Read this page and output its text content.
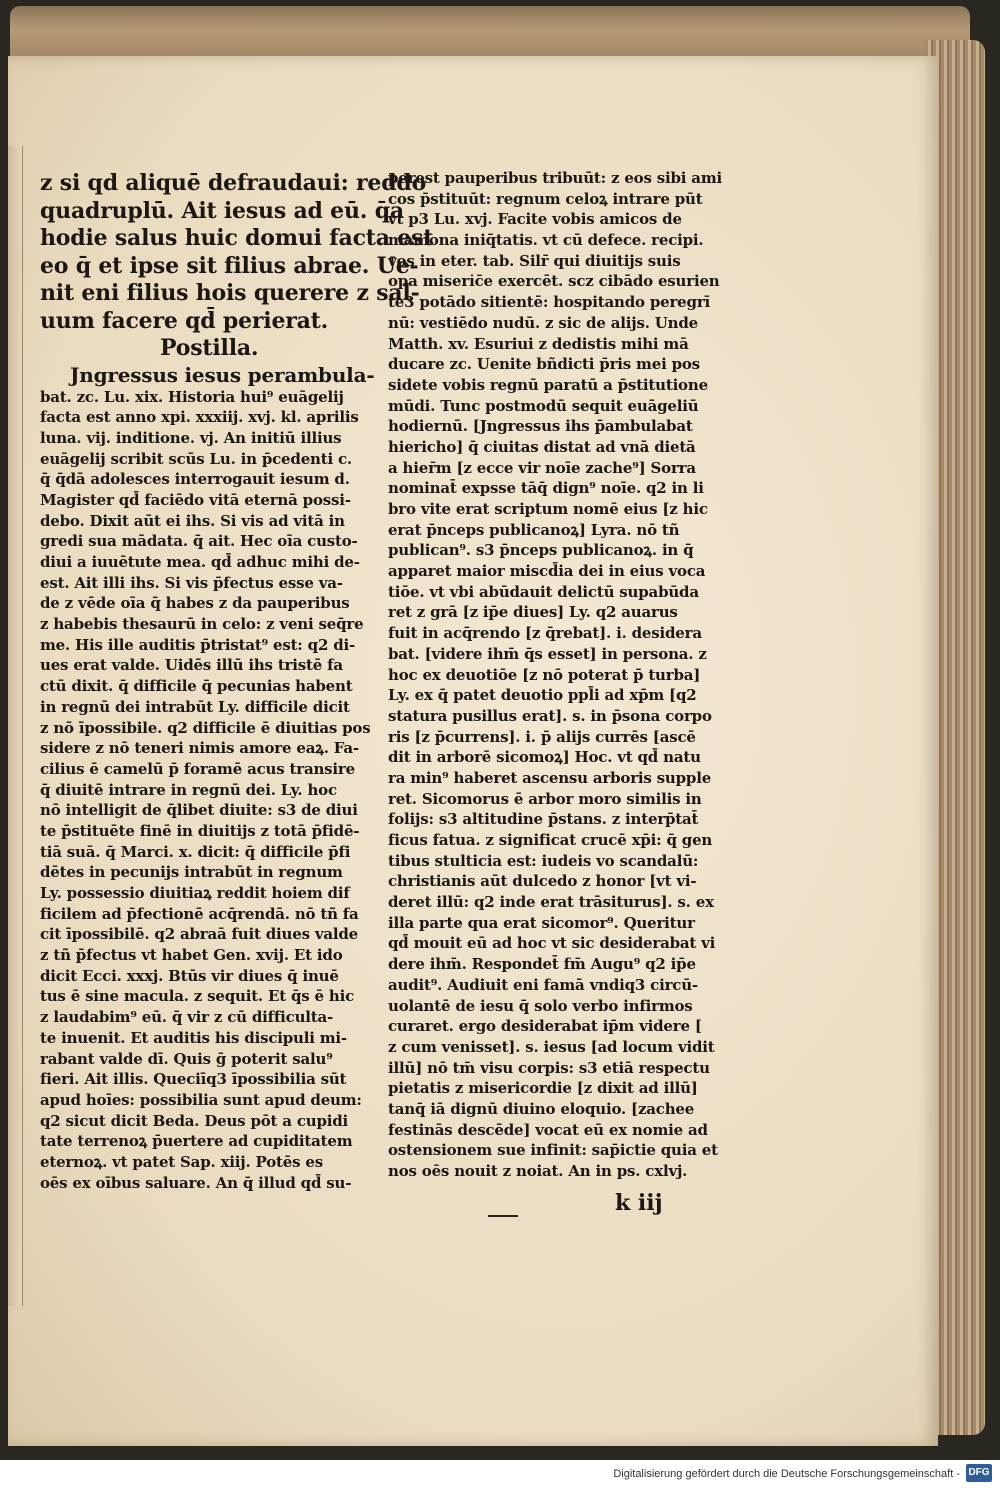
z si qd aliquē defraudaui: reddo
quadruplū. Ait iesus ad eū. q̄a
hodie salus huic domui facta est
eo q̄ et ipse sit filius abrae. Ue-
nit eni filius hois querere z sal-
uum facere qd̄ perierat.
Postilla.
Jngressus iesus perambula-
bat. zc. Lu. xix. Historia hui⁹ euāgelij
facta est anno xpi. xxxiij. xvj. kl. aprilis
luna. vij. inditione. vj. An initiū illius
euāgelij scribit scūs Lu. in p̄cedenti c.
q̄ q̄dā adolesces interrogauit iesum d.
Magister qd̄ faciēdo vitā eternā possi-
debo. Dixit aūt ei ihs. Si vis ad vitā in
gredi sua mādata. q̄ ait. Hec oīa custo-
diui a iuuētute mea. qd̄ adhuc mihi de-
est. Ait illi ihs. Si vis p̄fectus esse va-
de z vēde oīa q̄ habes z da pauperibus
z habebis thesaurū in celo: z veni seq̄re
me. His ille auditis p̄tristat⁹ est: q2 di-
ues erat valde. Uidēs illū ihs tristē fa
ctū dixit. q̄ difficile q̄ pecunias habent
in regnū dei intrabūt Ly. difficile dicit
z nō īpossibile. q2 difficile ē diuitias pos
sidere z nō teneri nimis amore eaꝝ. Fa-
cilius ē camelū p̄ foramē acus transire
q̄ diuitē intrare in regnū dei. Ly. hoc
nō intelligit de q̄libet diuite: s3 de diui
te p̄stituēte finē in diuitijs z totā p̄fidē-
tiā suā. q̄ Marci. x. dicit: q̄ difficile p̄fi
dētes in pecunijs intrabūt in regnum
Ly. possessio diuitiaꝝ reddit hoiem dif
ficilem ad p̄fectionē acq̄rendā. nō tñ fa
cit īpossibilē. q2 abraā fuit diues valde
z tñ p̄fectus vt habet Gen. xvij. Et ido
dicit Ecci. xxxj. Btūs vir diues q̄ inuē
tus ē sine macula. z sequit. Et q̄s ē hic
z laudabim⁹ eū. q̄ vir z cū difficulta-
te inuenit. Et auditis his discipuli mi-
rabant valde dī. Quis ḡ poterit salu⁹
fieri. Ait illis. Queciīq3 īpossibilia sūt
apud hoīes: possibilia sunt apud deum:
q2 sicut dicit Beda. Deus pōt a cupidi
tate terrenoꝝ p̄uertere ad cupiditatem
eternoꝝ. vt patet Sap. xiij. Potēs es
oēs ex oībus saluare. An q̄ illud qd̄ su-
perest pauperibus tribuūt: z eos sibi ami
cos p̄stituūt: regnum celoꝝ intrare pūt
vt p3 Lu. xvj. Facite vobis amicos de
mamona iniq̄tatis. vt cū defece. recipi.
vos in eter. tab. Silr̄ qui diuitijs suis
opa miseri̇c̄e exercēt. scz cibādo esurien
te3 potādo sitientē: hospitando peregrī
nū: vestiēdo nudū. z sic de alijs. Unde
Matth. xv. Esuriui z dedistis mihi mā
ducare zc. Uenite bñdicti p̄ris mei pos
sidete vobis regnū paratū a p̄stitutione
mūdi. Tunc postmodū sequit euāgeliū
hodiernū. [Jngressus ihs p̄ambulabat
hiericho] q̄ ciuitas distat ad vnā dietā
a hier̄m [z ecce vir noīe zache⁹] Sorra
nominat̄ expsse tāq̄ dign⁹ noīe. q2 in li
bro vite erat scriptum nomē eius [z hic
erat p̄nceps publicanoꝝ] Lyra. nō tñ
publican⁹. s3 p̄nceps publicanoꝝ. in q̄
apparet maior miscd̄ia dei in eius voca
tiōe. vt vbi abūdauit delictū supabūda
ret z grā [z ip̄e diues] Ly. q2 auarus
fuit in acq̄rendo [z q̄rebat]. i. desidera
bat. [videre ihm̄ q̄s esset] in persona. z
hoc ex deuotiōe [z nō poterat p̄ turba]
Ly. ex q̄ patet deuotio ppl̄i ad xp̄m [q2
statura pusillus erat]. s. in p̄sona corpo
ris [z p̄currens]. i. p̄ alijs currēs [ascē
dit in arborē sicomoꝝ] Hoc. vt qd̄ natu
ra min⁹ haberet ascensu arboris supple
ret. Sicomorus ē arbor moro similis in
folijs: s3 altitudine p̄stans. z interp̄tat̄
ficus fatua. z significat crucē xp̄i: q̄ gen
tibus stulticia est: iudeis vo scandalū:
christianis aūt dulcedo z honor [vt vi-
deret illū: q2 inde erat trāsiturus]. s. ex
illa parte qua erat sicomor⁹. Queritur
qd̄ mouit eū ad hoc vt sic desiderabat vi
dere ihm̄. Respondet̄ fm̄ Augu⁹ q2 ip̄e
audit⁹. Audiuit eni famā vndiq3 circū-
uolantē de iesu q̄ solo verbo infirmos
curaret. ergo desiderabat ip̄m videre [
z cum venisset]. s. iesus [ad locum vidit
illū] nō tm̄ visu corpis: s3 etiā respectu
pietatis z misericordie [z dixit ad illū]
tanq̄ iā dignū diuino eloquio. [zachee
festinās descēde] vocat eū ex nomie ad
ostensionem sue infinit: sap̄ictie quia et
nos oēs nouit z noiat. An in ps. cxlvj.
k iij
Digitalisierung gefördert durch die Deutsche Forschungsgemeinschaft - DFG
